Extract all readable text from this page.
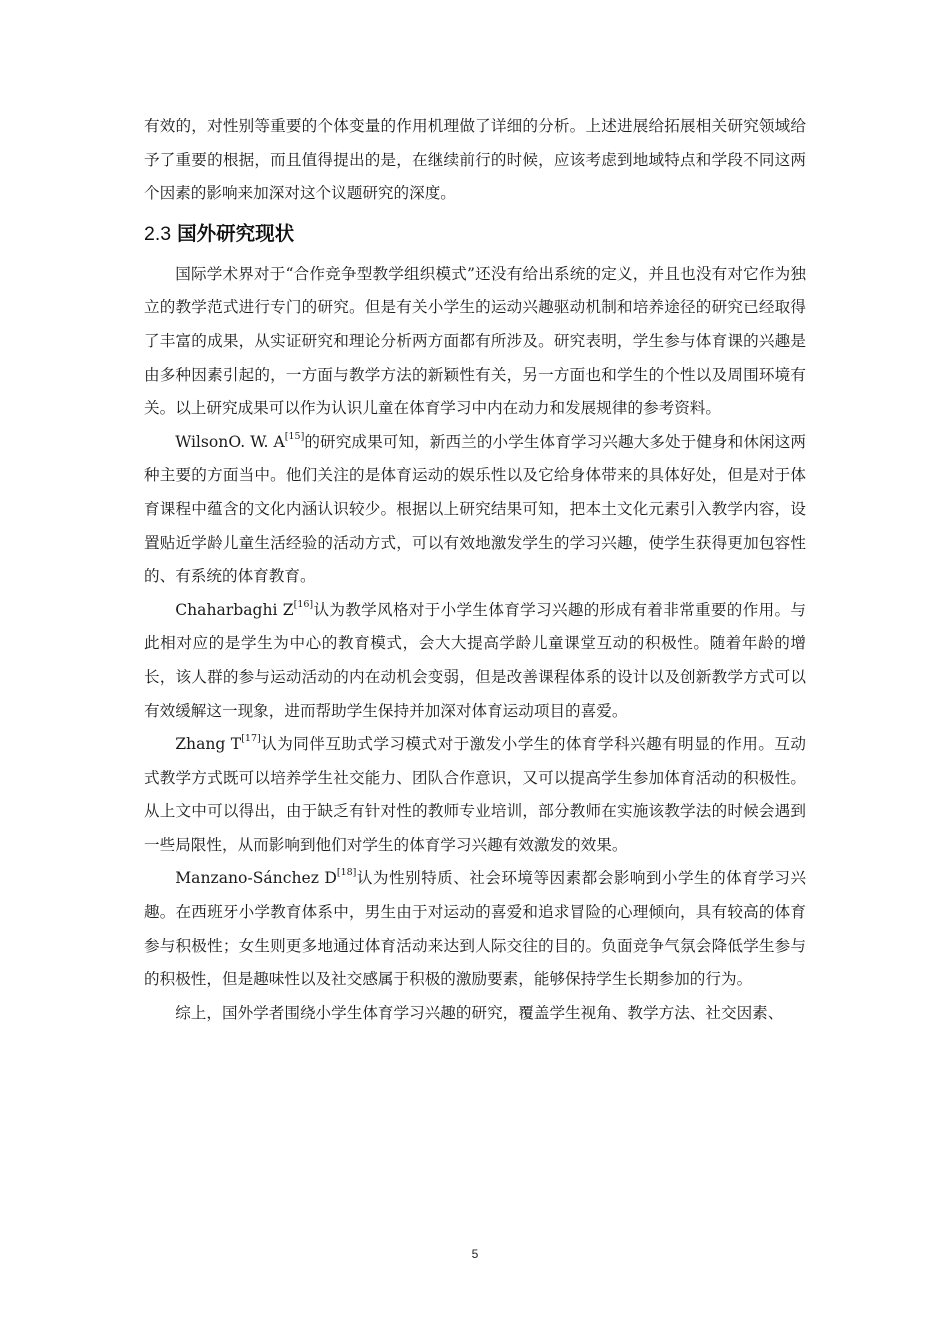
有效的，对性别等重要的个体变量的作用机理做了详细的分析。上述进展给拓展相关研究领域给予了重要的根据，而且值得提出的是，在继续前行的时候，应该考虑到地域特点和学段不同这两个因素的影响来加深对这个议题研究的深度。

2.3 国外研究现状

国际学术界对于“合作竞争型教学组织模式”还没有给出系统的定义，并且也没有对它作为独立的教学范式进行专门的研究。但是有关小学生的运动兴趣驱动机制和培养途径的研究已经取得了丰富的成果，从实证研究和理论分析两方面都有所涉及。研究表明，学生参与体育课的兴趣是由多种因素引起的，一方面与教学方法的新颖性有关，另一方面也和学生的个性以及周围环境有关。以上研究成果可以作为认识儿童在体育学习中内在动力和发展规律的参考资料。

WilsonO. W. A[15]的研究成果可知，新西兰的小学生体育学习兴趣大多处于健身和休闲这两种主要的方面当中。他们关注的是体育运动的娱乐性以及它给身体带来的具体好处，但是对于体育课程中蕴含的文化内涵认识较少。根据以上研究结果可知，把本土文化元素引入教学内容，设置贴近学龄儿童生活经验的活动方式，可以有效地激发学生的学习兴趣，使学生获得更加包容性的、有系统的体育教育。

Chaharbaghi Z[16]认为教学风格对于小学生体育学习兴趣的形成有着非常重要的作用。与此相对应的是学生为中心的教育模式，会大大提高学龄儿童课堂互动的积极性。随着年龄的增长，该人群的参与运动活动的内在动机会变弱，但是改善课程体系的设计以及创新教学方式可以有效缓解这一现象，进而帮助学生保持并加深对体育运动项目的喜爱。

Zhang T[17]认为同伴互助式学习模式对于激发小学生的体育学科兴趣有明显的作用。互动式教学方式既可以培养学生社交能力、团队合作意识，又可以提高学生参加体育活动的积极性。从上文中可以得出，由于缺乏有针对性的教师专业培训，部分教师在实施该教学法的时候会遇到一些局限性，从而影响到他们对学生的体育学习兴趣有效激发的效果。

Manzano-Sánchez D[18]认为性别特质、社会环境等因素都会影响到小学生的体育学习兴趣。在西班牙小学教育体系中，男生由于对运动的喜爱和追求冒险的心理倾向，具有较高的体育参与积极性；女生则更多地通过体育活动来达到人际交往的目的。负面竞争气氛会降低学生参与的积极性，但是趣味性以及社交感属于积极的激励要素，能够保持学生长期参加的行为。

综上，国外学者围绕小学生体育学习兴趣的研究，覆盖学生视角、教学方法、社交因素、

5
